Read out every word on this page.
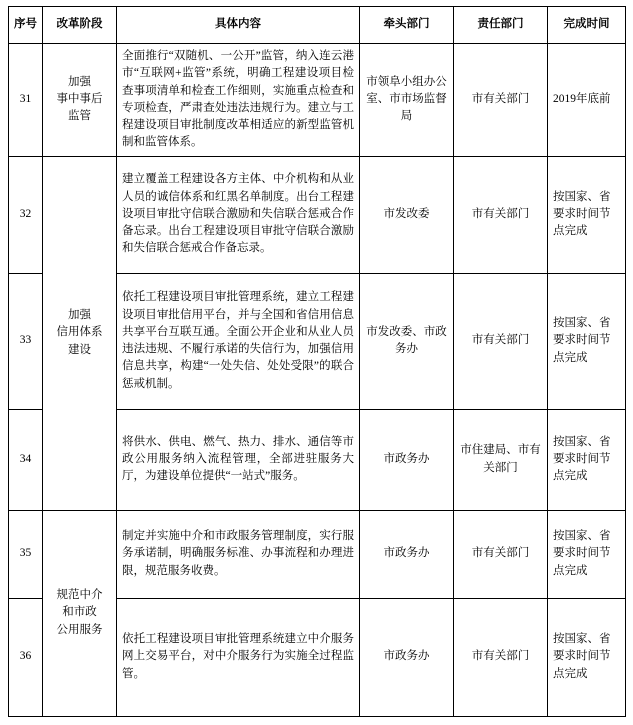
序号	改革阶段	具体内容	牵头部门	责任部门	完成时间
31	加强
事中事后
监管	全面推行“双随机、一公开”监管，纳入连云港市“互联网+监管”系统，明确工程建设项目检查事项清单和检查工作细则，实施重点检查和专项检查，严肃查处违法违规行为。建立与工程建设项目审批制度改革相适应的新型监管机制和监管体系。	市领阜小组办公室、市市场监督局	市有关部门	2019年底前
32	加强
信用体系
建设	建立覆盖工程建设各方主体、中介机构和从业人员的诚信体系和红黑名单制度。出台工程建设项目审批守信联合激励和失信联合惩戒合作备忘录。出台工程建设项目审批守信联合激励和失信联合惩戒合作备忘录。	市发改委	市有关部门	按国家、省要求时间节点完成
33		依托工程建设项目审批管理系统，建立工程建设项目审批信用平台，并与全国和省信用信息共享平台互联互通。全面公开企业和从业人员违法违规、不履行承诺的失信行为，加强信用信息共享，构建“一处失信、处处受限”的联合惩戒机制。	市发改委、市政务办	市有关部门	按国家、省要求时间节点完成
34		将供水、供电、燃气、热力、排水、通信等市政公用服务纳入流程管理，全部进驻服务大厅，为建设单位提供“一站式”服务。	市政务办	市住建局、市有关部门	按国家、省要求时间节点完成
35	规范中介
和市政
公用服务	制定并实施中介和市政服务管理制度，实行服务承诺制，明确服务标准、办事流程和办理进限，规范服务收费。	市政务办	市有关部门	按国家、省要求时间节点完成
36		依托工程建设项目审批管理系统建立中介服务网上交易平台，对中介服务行为实施全过程监管。	市政务办	市有关部门	按国家、省要求时间节点完成
